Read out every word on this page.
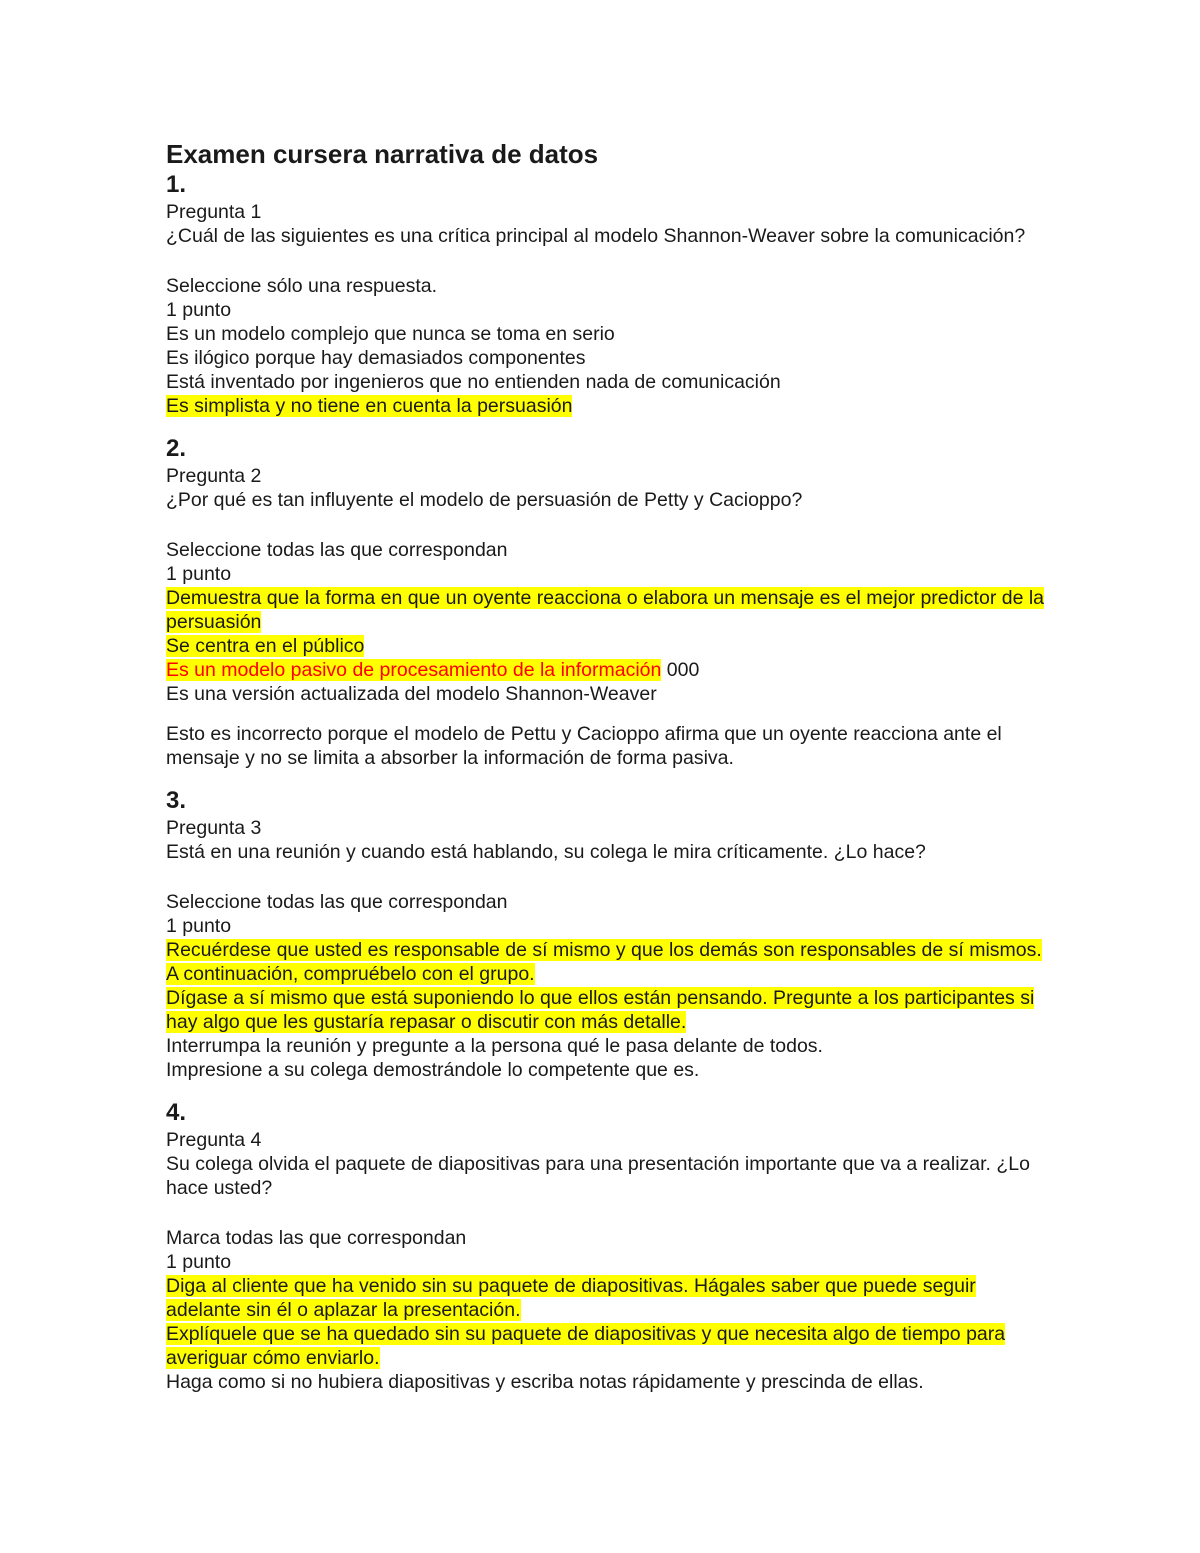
Examen cursera narrativa de datos
1.

Pregunta 1

¿Cuál de las siguientes es una crítica principal al modelo Shannon-Weaver sobre la comunicación?

Seleccione sólo una respuesta.

1 punto

Es un modelo complejo que nunca se toma en serio

Es ilógico porque hay demasiados componentes

Está inventado por ingenieros que no entienden nada de comunicación

Es simplista y no tiene en cuenta la persuasión

2.

Pregunta 2

¿Por qué es tan influyente el modelo de persuasión de Petty y Cacioppo?

Seleccione todas las que correspondan

1 punto

Demuestra que la forma en que un oyente reacciona o elabora un mensaje es el mejor predictor de la persuasión

Se centra en el público

Es un modelo pasivo de procesamiento de la información 000

Es una versión actualizada del modelo Shannon-Weaver

Esto es incorrecto porque el modelo de Pettu y Cacioppo afirma que un oyente reacciona ante el mensaje y no se limita a absorber la información de forma pasiva.

3.

Pregunta 3

Está en una reunión y cuando está hablando, su colega le mira críticamente. ¿Lo hace?

Seleccione todas las que correspondan

1 punto

Recuérdese que usted es responsable de sí mismo y que los demás son responsables de sí mismos. A continuación, compruébelo con el grupo.

Dígase a sí mismo que está suponiendo lo que ellos están pensando. Pregunte a los participantes si hay algo que les gustaría repasar o discutir con más detalle.

Interrumpa la reunión y pregunte a la persona qué le pasa delante de todos.

Impresione a su colega demostrándole lo competente que es.

4.

Pregunta 4

Su colega olvida el paquete de diapositivas para una presentación importante que va a realizar. ¿Lo hace usted?

Marca todas las que correspondan

1 punto

Diga al cliente que ha venido sin su paquete de diapositivas. Hágales saber que puede seguir adelante sin él o aplazar la presentación.

Explíquele que se ha quedado sin su paquete de diapositivas y que necesita algo de tiempo para averiguar cómo enviarlo.

Haga como si no hubiera diapositivas y escriba notas rápidamente y prescinda de ellas.
